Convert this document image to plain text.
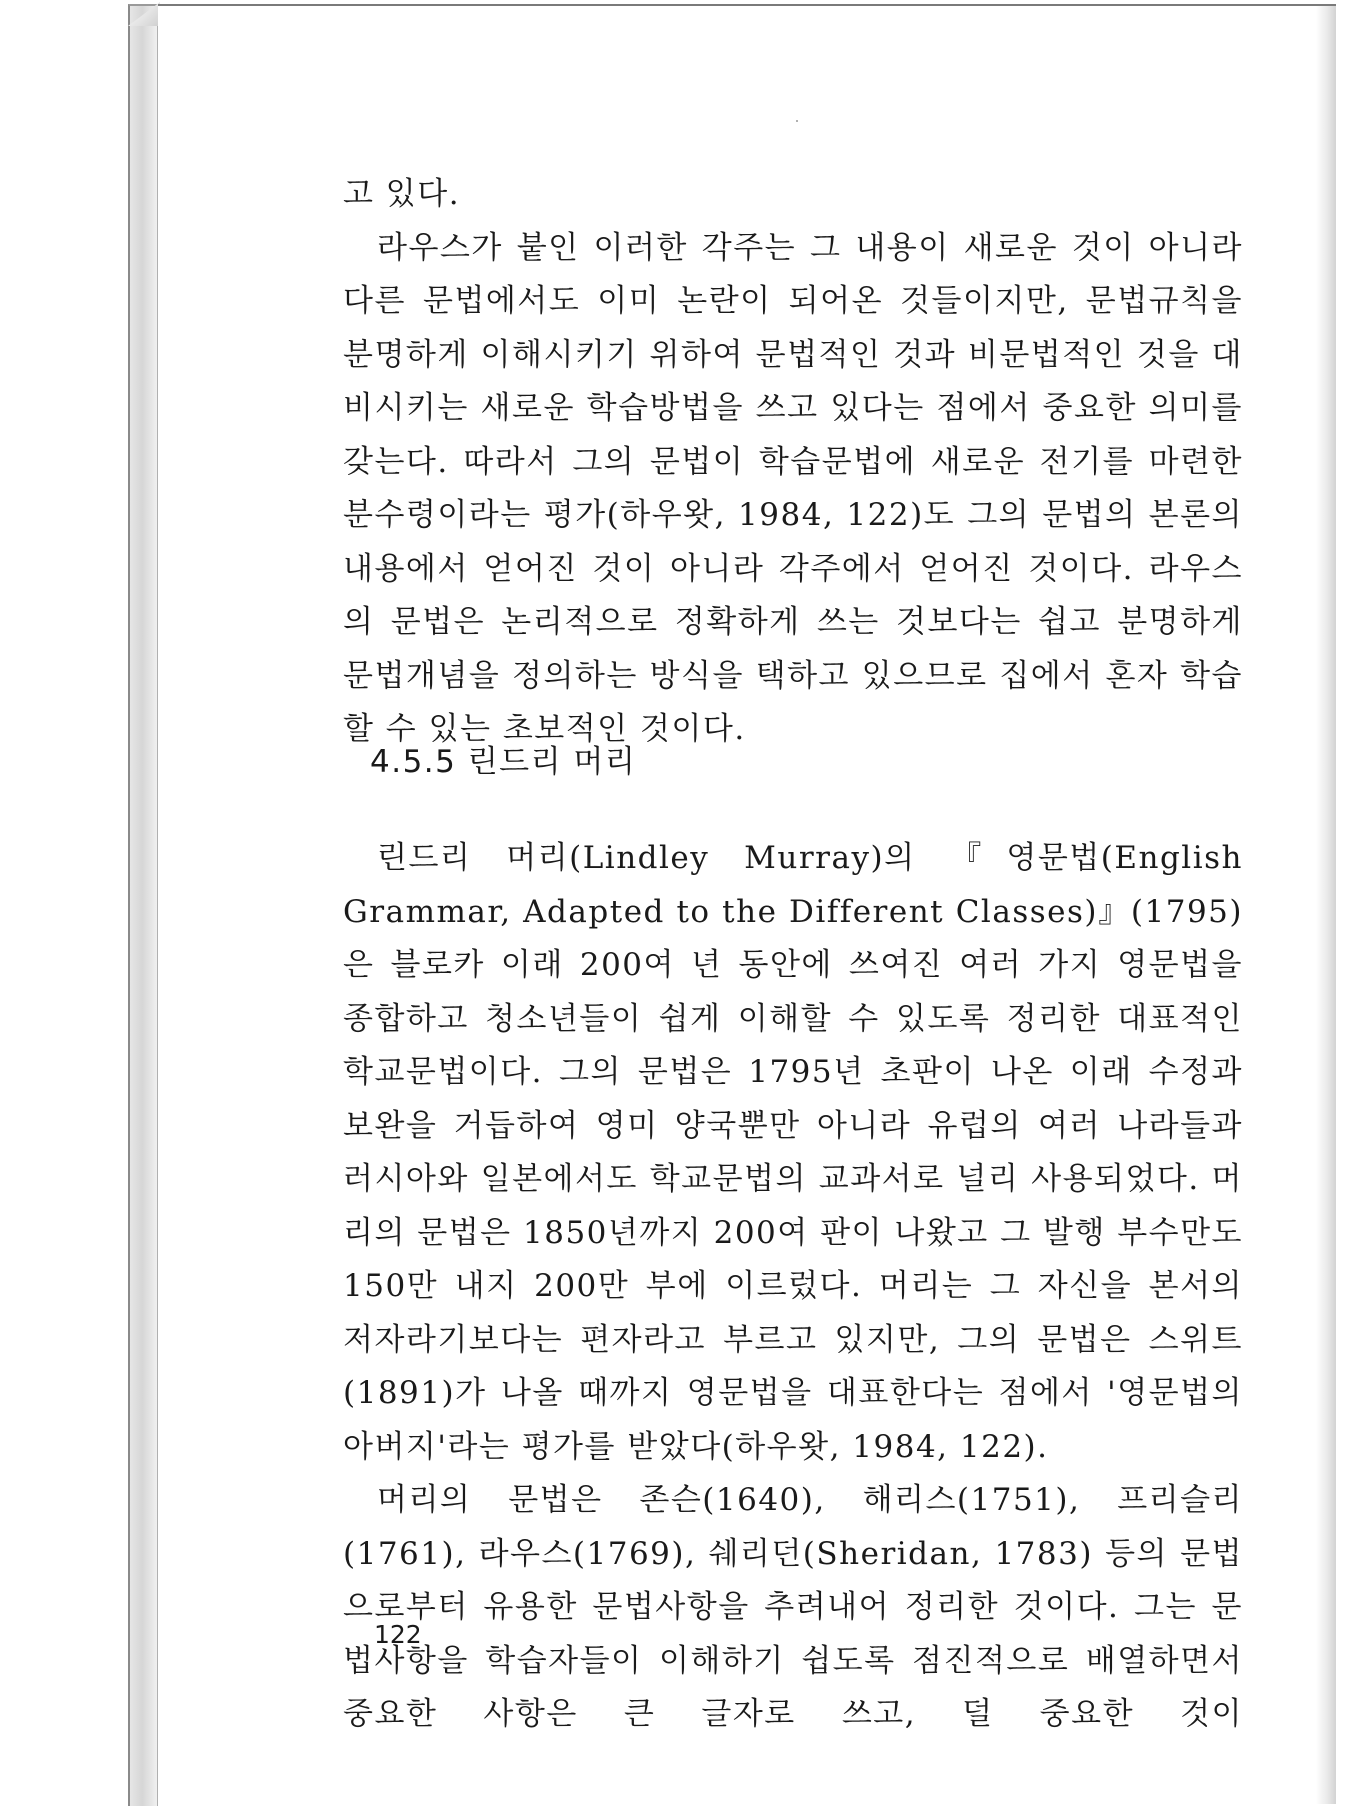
고 있다.

라우스가 붙인 이러한 각주는 그 내용이 새로운 것이 아니라 다른 문법에서도 이미 논란이 되어온 것들이지만, 문법규칙을 분명하게 이해시키기 위하여 문법적인 것과 비문법적인 것을 대비시키는 새로운 학습방법을 쓰고 있다는 점에서 중요한 의미를 갖는다. 따라서 그의 문법이 학습문법에 새로운 전기를 마련한 분수령이라는 평가(하우왓, 1984, 122)도 그의 문법의 본론의 내용에서 얻어진 것이 아니라 각주에서 얻어진 것이다. 라우스의 문법은 논리적으로 정확하게 쓰는 것보다는 쉽고 분명하게 문법개념을 정의하는 방식을 택하고 있으므로 집에서 혼자 학습할 수 있는 초보적인 것이다.

4.5.5 린드리 머리

린드리 머리(Lindley Murray)의 『영문법(English Grammar, Adapted to the Different Classes)』(1795)은 블로카 이래 200여 년 동안에 쓰여진 여러 가지 영문법을 종합하고 청소년들이 쉽게 이해할 수 있도록 정리한 대표적인 학교문법이다. 그의 문법은 1795년 초판이 나온 이래 수정과 보완을 거듭하여 영미 양국뿐만 아니라 유럽의 여러 나라들과 러시아와 일본에서도 학교문법의 교과서로 널리 사용되었다. 머리의 문법은 1850년까지 200여 판이 나왔고 그 발행 부수만도 150만 내지 200만 부에 이르렀다. 머리는 그 자신을 본서의 저자라기보다는 편자라고 부르고 있지만, 그의 문법은 스위트(1891)가 나올 때까지 영문법을 대표한다는 점에서 '영문법의 아버지'라는 평가를 받았다(하우왓, 1984, 122).

머리의 문법은 존슨(1640), 해리스(1751), 프리슬리(1761), 라우스(1769), 쉐리던(Sheridan, 1783) 등의 문법으로부터 유용한 문법사항을 추려내어 정리한 것이다. 그는 문법사항을 학습자들이 이해하기 쉽도록 점진적으로 배열하면서 중요한 사항은 큰 글자로 쓰고, 덜 중요한 것이

122
